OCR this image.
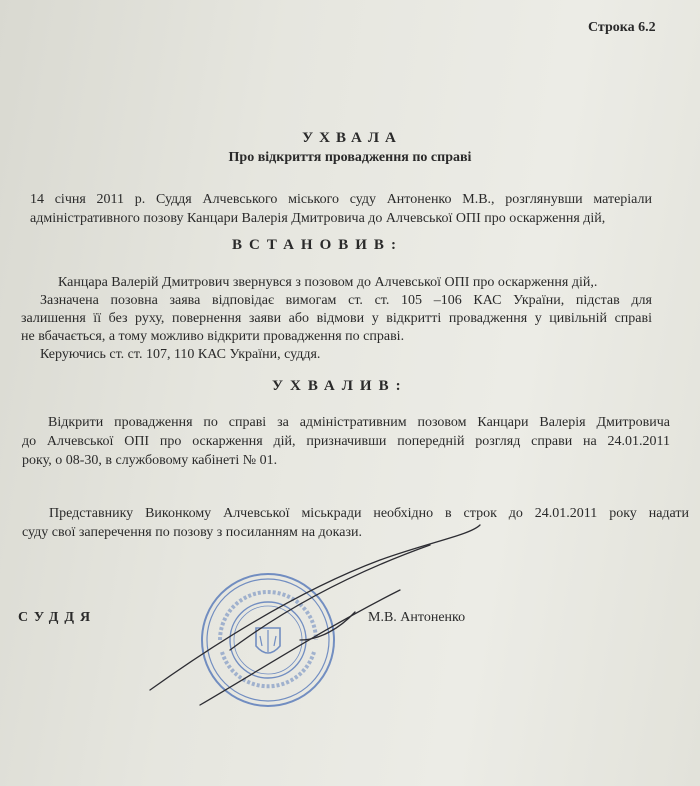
Строка 6.2
УХВАЛА
Про відкриття провадження по справі
14 січня 2011 р. Суддя Алчевського міського суду Антоненко М.В., розглянувши матеріали
адміністративного позову Канцари Валерія Дмитровича до Алчевської ОПІ про оскарження дій,
ВСТАНОВИВ:
Канцара Валерій Дмитрович звернувся з позовом до Алчевської ОПІ про оскарження дій,.
Зазначена позовна заява відповідає вимогам ст. ст. 105 –106 КАС України, підстав для
залишення її без руху, повернення заяви або відмови у відкритті провадження у цивільній справі
не вбачається, а тому можливо відкрити провадження по справі.
Керуючись ст. ст. 107, 110 КАС України, суддя.
УХВАЛИВ:
Відкрити провадження по справі за адміністративним позовом Канцари Валерія Дмитровича
до Алчевської ОПІ про оскарження дій, призначивши попередній розгляд справи на 24.01.2011
року, о 08-30, в службовому кабінеті № 01.
Представнику Виконкому Алчевської міськради необхідно в строк до 24.01.2011 року надати
суду свої заперечення по позову з посиланням на докази.
СУДДЯ	М.В. Антоненко
